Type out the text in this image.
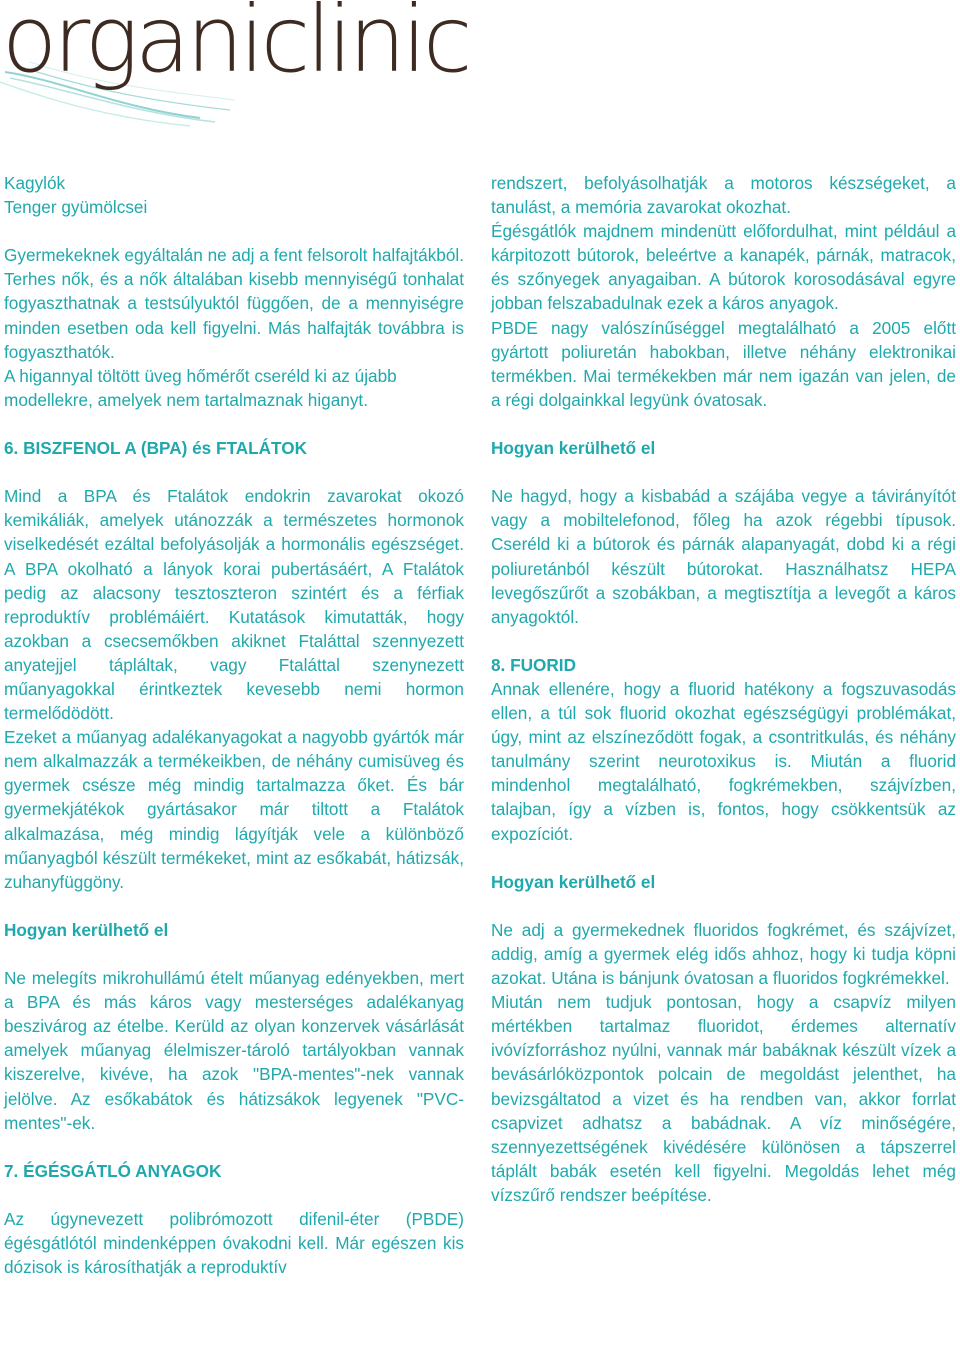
organiclinic

Kagylók

Tenger gyümölcsei

Gyermekeknek egyáltalán ne adj a fent felsorolt halfajtákból. Terhes nők, és a nők általában kisebb mennyiségű tonhalat fogyaszthatnak a testsúlyuktól függően, de a mennyiségre minden esetben oda kell figyelni. Más halfajták továbbra is fogyaszthatók.

A higannyal töltött üveg hőmérőt cseréld ki az újabb modellekre, amelyek nem tartalmaznak higanyt.

6. BISZFENOL A (BPA) és FTALÁTOK

Mind a BPA és Ftalátok endokrin zavarokat okozó kemikáliák, amelyek utánozzák a természetes hormonok viselkedését ezáltal befolyásolják a hormonális egészséget. A BPA okolható a lányok korai pubertásáért, A Ftalátok pedig az alacsony tesztoszteron szintért és a férfiak reproduktív problémáiért. Kutatások kimutatták, hogy azokban a csecsemőkben akiknet Ftaláttal szennyezett anyatejjel tápláltak, vagy Ftaláttal szenynezett műanyagokkal érintkeztek kevesebb nemi hormon termelődödött.

Ezeket a műanyag adalékanyagokat a nagyobb gyártók már nem alkalmazzák a termékeikben, de néhány cumisüveg és gyermek csésze még mindig tartalmazza őket. És bár gyermekjátékok gyártásakor már tiltott a Ftalátok alkalmazása, még mindig lágyítják vele a különböző műanyagból készült termékeket, mint az esőkabát, hátizsák, zuhanyfüggöny.

Hogyan kerülhető el

Ne melegíts mikrohullámú ételt műanyag edényekben, mert a BPA és más káros vagy mesterséges adalékanyag beszivárog az ételbe. Kerüld az olyan konzervek vásárlását amelyek műanyag élelmiszer-tároló tartályokban vannak kiszerelve, kivéve, ha azok "BPA-mentes"-nek vannak jelölve. Az esőkabátok és hátizsákok legyenek "PVC-mentes"-ek.

7. ÉGÉSGÁTLÓ ANYAGOK

Az úgynevezett polibrómozott difenil-éter (PBDE) égésgátlótól mindenképpen óvakodni kell. Már egészen kis dózisok is károsíthatják a reproduktív

rendszert, befolyásolhatják a motoros készségeket, a tanulást, a memória zavarokat okozhat.

Égésgátlók majdnem mindenütt előfordulhat, mint például a kárpitozott bútorok, beleértve a kanapék, párnák, matracok, és szőnyegek anyagaiban. A bútorok korosodásával egyre jobban felszabadulnak ezek a káros anyagok.

PBDE nagy valószínűséggel megtalálható a 2005 előtt gyártott poliuretán habokban, illetve néhány elektronikai termékben. Mai termékekben már nem igazán van jelen, de a régi dolgainkkal legyünk óvatosak.

Hogyan kerülhető el

Ne hagyd, hogy a kisbabád a szájába vegye a távirányítót vagy a mobiltelefonod, főleg ha azok régebbi típusok. Cseréld ki a bútorok és párnák alapanyagát, dobd ki a régi poliuretánból készült bútorokat. Használhatsz HEPA levegőszűrőt a szobákban, a megtisztítja a levegőt a káros anyagoktól.

8. FUORID

Annak ellenére, hogy a fluorid hatékony a fogszuvasodás ellen, a túl sok fluorid okozhat egészségügyi problémákat, úgy, mint az elszíneződött fogak, a csontritkulás, és néhány tanulmány szerint neurotoxikus is. Miután a fluorid mindenhol megtalálható, fogkrémekben, szájvízben, talajban, így a vízben is, fontos, hogy csökkentsük az expozíciót.

Hogyan kerülhető el

Ne adj a gyermekednek fluoridos fogkrémet, és szájvízet, addig, amíg a gyermek elég idős ahhoz, hogy ki tudja köpni azokat. Utána is bánjunk óvatosan a fluoridos fogkrémekkel.

Miután nem tudjuk pontosan, hogy a csapvíz milyen mértékben tartalmaz fluoridot, érdemes alternatív ivóvízforráshoz nyúlni, vannak már babáknak készült vízek a bevásárlóközpontok polcain de megoldást jelenthet, ha bevizsgáltatod a vizet és ha rendben van, akkor forrlat csapvizet adhatsz a babádnak. A víz minőségére, szennyezettségének kivédésére különösen a tápszerrel táplált babák esetén kell figyelni. Megoldás lehet még vízszűrő rendszer beépítése.
